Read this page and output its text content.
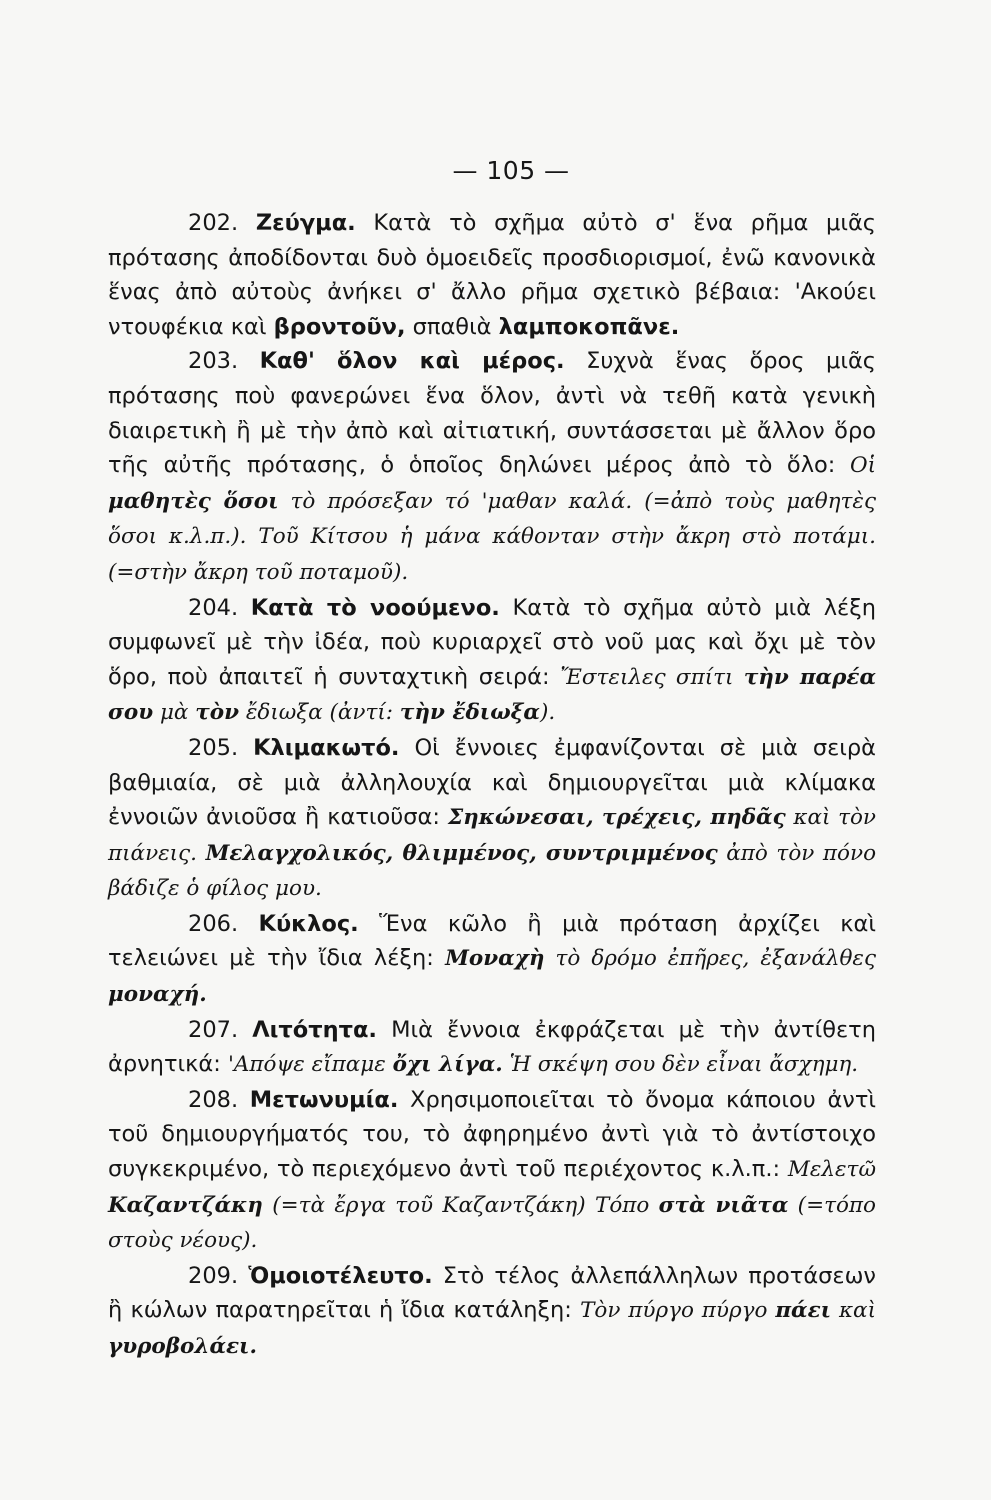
— 105 —

202. Ζεύγμα. Κατὰ τὸ σχῆμα αὐτὸ σ' ἕνα ρῆμα μιᾶς πρότασης ἀποδίδονται δυὸ ὁμοειδεῖς προσδιορισμοί, ἐνῶ κανονικὰ ἕνας ἀπὸ αὐτοὺς ἀνήκει σ' ἄλλο ρῆμα σχετικὸ βέβαια: 'Ακούει ντουφέκια καὶ βροντοῦν, σπαθιὰ λαμποκοπᾶνε.

203. Καθ' ὅλον καὶ μέρος. Συχνὰ ἕνας ὅρος μιᾶς πρότασης ποὺ φανερώνει ἕνα ὅλον, ἀντὶ νὰ τεθῆ κατὰ γενικὴ διαιρετικὴ ἢ μὲ τὴν ἀπὸ καὶ αἰτιατική, συντάσσεται μὲ ἄλλον ὅρο τῆς αὐτῆς πρότασης, ὁ ὁποῖος δηλώνει μέρος ἀπὸ τὸ ὅλο: Οἱ μαθητὲς ὅσοι τὸ πρόσεξαν τό 'μαθαν καλά. (=ἀπὸ τοὺς μαθητὲς ὅσοι κ.λ.π.). Τοῦ Κίτσου ἡ μάνα κάθονταν στὴν ἄκρη στὸ ποτάμι. (=στὴν ἄκρη τοῦ ποταμοῦ).

204. Κατὰ τὸ νοούμενο. Κατὰ τὸ σχῆμα αὐτὸ μιὰ λέξη συμφωνεῖ μὲ τὴν ἰδέα, ποὺ κυριαρχεῖ στὸ νοῦ μας καὶ ὄχι μὲ τὸν ὅρο, ποὺ ἀπαιτεῖ ἡ συνταχτικὴ σειρά: Ἔστειλες σπίτι τὴν παρέα σου μὰ τὸν ἔδιωξα (ἀντί: τὴν ἔδιωξα).

205. Κλιμακωτό. Οἱ ἔννοιες ἐμφανίζονται σὲ μιὰ σειρὰ βαθμιαία, σὲ μιὰ ἀλληλουχία καὶ δημιουργεῖται μιὰ κλίμακα ἐννοιῶν ἀνιοῦσα ἢ κατιοῦσα: Σηκώνεσαι, τρέχεις, πηδᾶς καὶ τὸν πιάνεις. Μελαγχολικός, θλιμμένος, συντριμμένος ἀπὸ τὸν πόνο βάδιζε ὁ φίλος μου.

206. Κύκλος. Ἕνα κῶλο ἢ μιὰ πρόταση ἀρχίζει καὶ τελειώνει μὲ τὴν ἴδια λέξη: Μοναχὴ τὸ δρόμο ἐπῆρες, ἐξανάλθες μοναχή.

207. Λιτότητα. Μιὰ ἔννοια ἐκφράζεται μὲ τὴν ἀντίθετη ἀρνητικά: 'Απόψε εἴπαμε ὄχι λίγα. Ἡ σκέψη σου δὲν εἶναι ἄσχημη.

208. Μετωνυμία. Χρησιμοποιεῖται τὸ ὄνομα κάποιου ἀντὶ τοῦ δημιουργήματός του, τὸ ἀφηρημένο ἀντὶ γιὰ τὸ ἀντίστοιχο συγκεκριμένο, τὸ περιεχόμενο ἀντὶ τοῦ περιέχοντος κ.λ.π.: Μελετῶ Καζαντζάκη (=τὰ ἔργα τοῦ Καζαντζάκη) Τόπο στὰ νιᾶτα (=τόπο στοὺς νέους).

209. Ὁμοιοτέλευτο. Στὸ τέλος ἀλλεπάλληλων προτάσεων ἢ κώλων παρατηρεῖται ἡ ἴδια κατάληξη: Τὸν πύργο πύργο πάει καὶ γυροβολάει.
